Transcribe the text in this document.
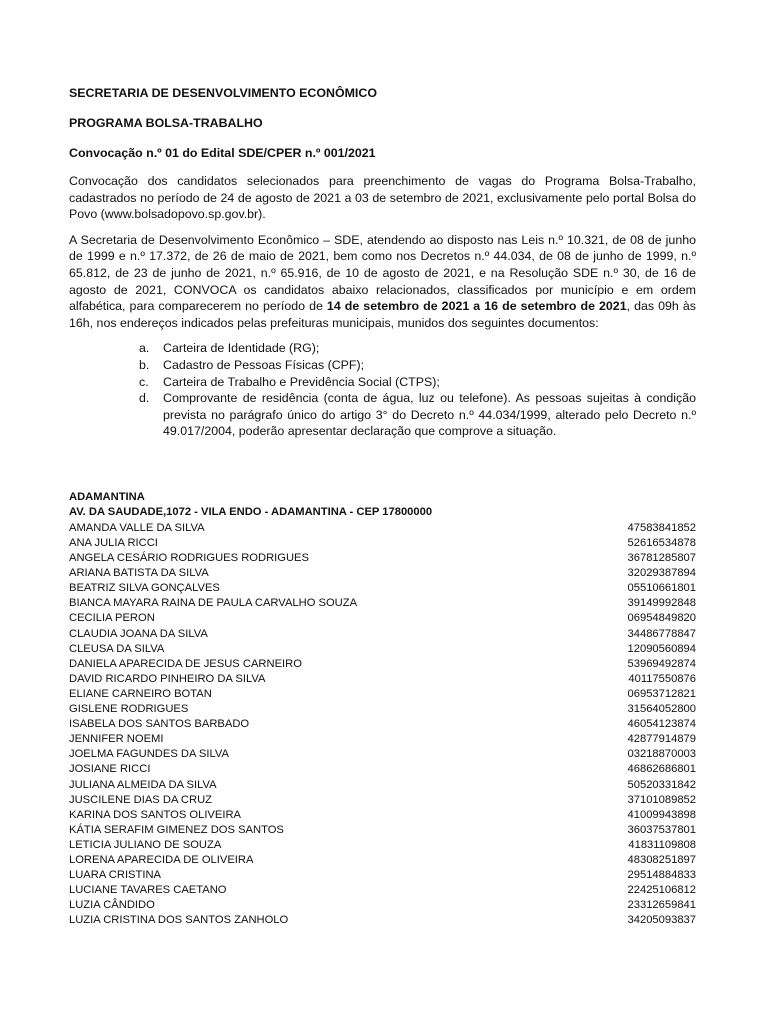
SECRETARIA DE DESENVOLVIMENTO ECONÔMICO

PROGRAMA BOLSA-TRABALHO

Convocação n.º 01 do Edital SDE/CPER n.º 001/2021

Convocação dos candidatos selecionados para preenchimento de vagas do Programa Bolsa-Trabalho, cadastrados no período de 24 de agosto de 2021 a 03 de setembro de 2021, exclusivamente pelo portal Bolsa do Povo (www.bolsadopovo.sp.gov.br).

A Secretaria de Desenvolvimento Econômico – SDE, atendendo ao disposto nas Leis n.º 10.321, de 08 de junho de 1999 e n.º 17.372, de 26 de maio de 2021, bem como nos Decretos n.º 44.034, de 08 de junho de 1999, n.º 65.812, de 23 de junho de 2021, n.º 65.916, de 10 de agosto de 2021, e na Resolução SDE n.º 30, de 16 de agosto de 2021, CONVOCA os candidatos abaixo relacionados, classificados por município e em ordem alfabética, para comparecerem no período de 14 de setembro de 2021 a 16 de setembro de 2021, das 09h às 16h, nos endereços indicados pelas prefeituras municipais, munidos dos seguintes documentos:

a.	Carteira de Identidade (RG);
b.	Cadastro de Pessoas Físicas (CPF);
c.	Carteira de Trabalho e Previdência Social (CTPS);
d.	Comprovante de residência (conta de água, luz ou telefone). As pessoas sujeitas à condição prevista no parágrafo único do artigo 3° do Decreto n.º 44.034/1999, alterado pelo Decreto n.º 49.017/2004, poderão apresentar declaração que comprove a situação.

ADAMANTINA

AV. DA SAUDADE,1072 - VILA ENDO - ADAMANTINA - CEP 17800000

AMANDA VALLE DA SILVA	47583841852
ANA JULIA RICCI	52616534878
ANGELA CESÁRIO RODRIGUES RODRIGUES	36781285807
ARIANA BATISTA DA SILVA	32029387894
BEATRIZ SILVA GONÇALVES	05510661801
BIANCA MAYARA RAINA DE PAULA CARVALHO SOUZA	39149992848
CECILIA PERON	06954849820
CLAUDIA JOANA DA SILVA	34486778847
CLEUSA DA SILVA	12090560894
DANIELA APARECIDA DE JESUS CARNEIRO	53969492874
DAVID RICARDO PINHEIRO DA SILVA	40117550876
ELIANE CARNEIRO BOTAN	06953712821
GISLENE RODRIGUES	31564052800
ISABELA DOS SANTOS BARBADO	46054123874
JENNIFER NOEMI	42877914879
JOELMA FAGUNDES DA SILVA	03218870003
JOSIANE RICCI	46862686801
JULIANA ALMEIDA DA SILVA	50520331842
JUSCILENE DIAS DA CRUZ	37101089852
KARINA DOS SANTOS OLIVEIRA	41009943898
KÁTIA SERAFIM GIMENEZ DOS SANTOS	36037537801
LETICIA JULIANO DE SOUZA	41831109808
LORENA APARECIDA DE OLIVEIRA	48308251897
LUARA CRISTINA	29514884833
LUCIANE TAVARES CAETANO	22425106812
LUZIA CÂNDIDO	23312659841
LUZIA CRISTINA DOS SANTOS ZANHOLO	34205093837
